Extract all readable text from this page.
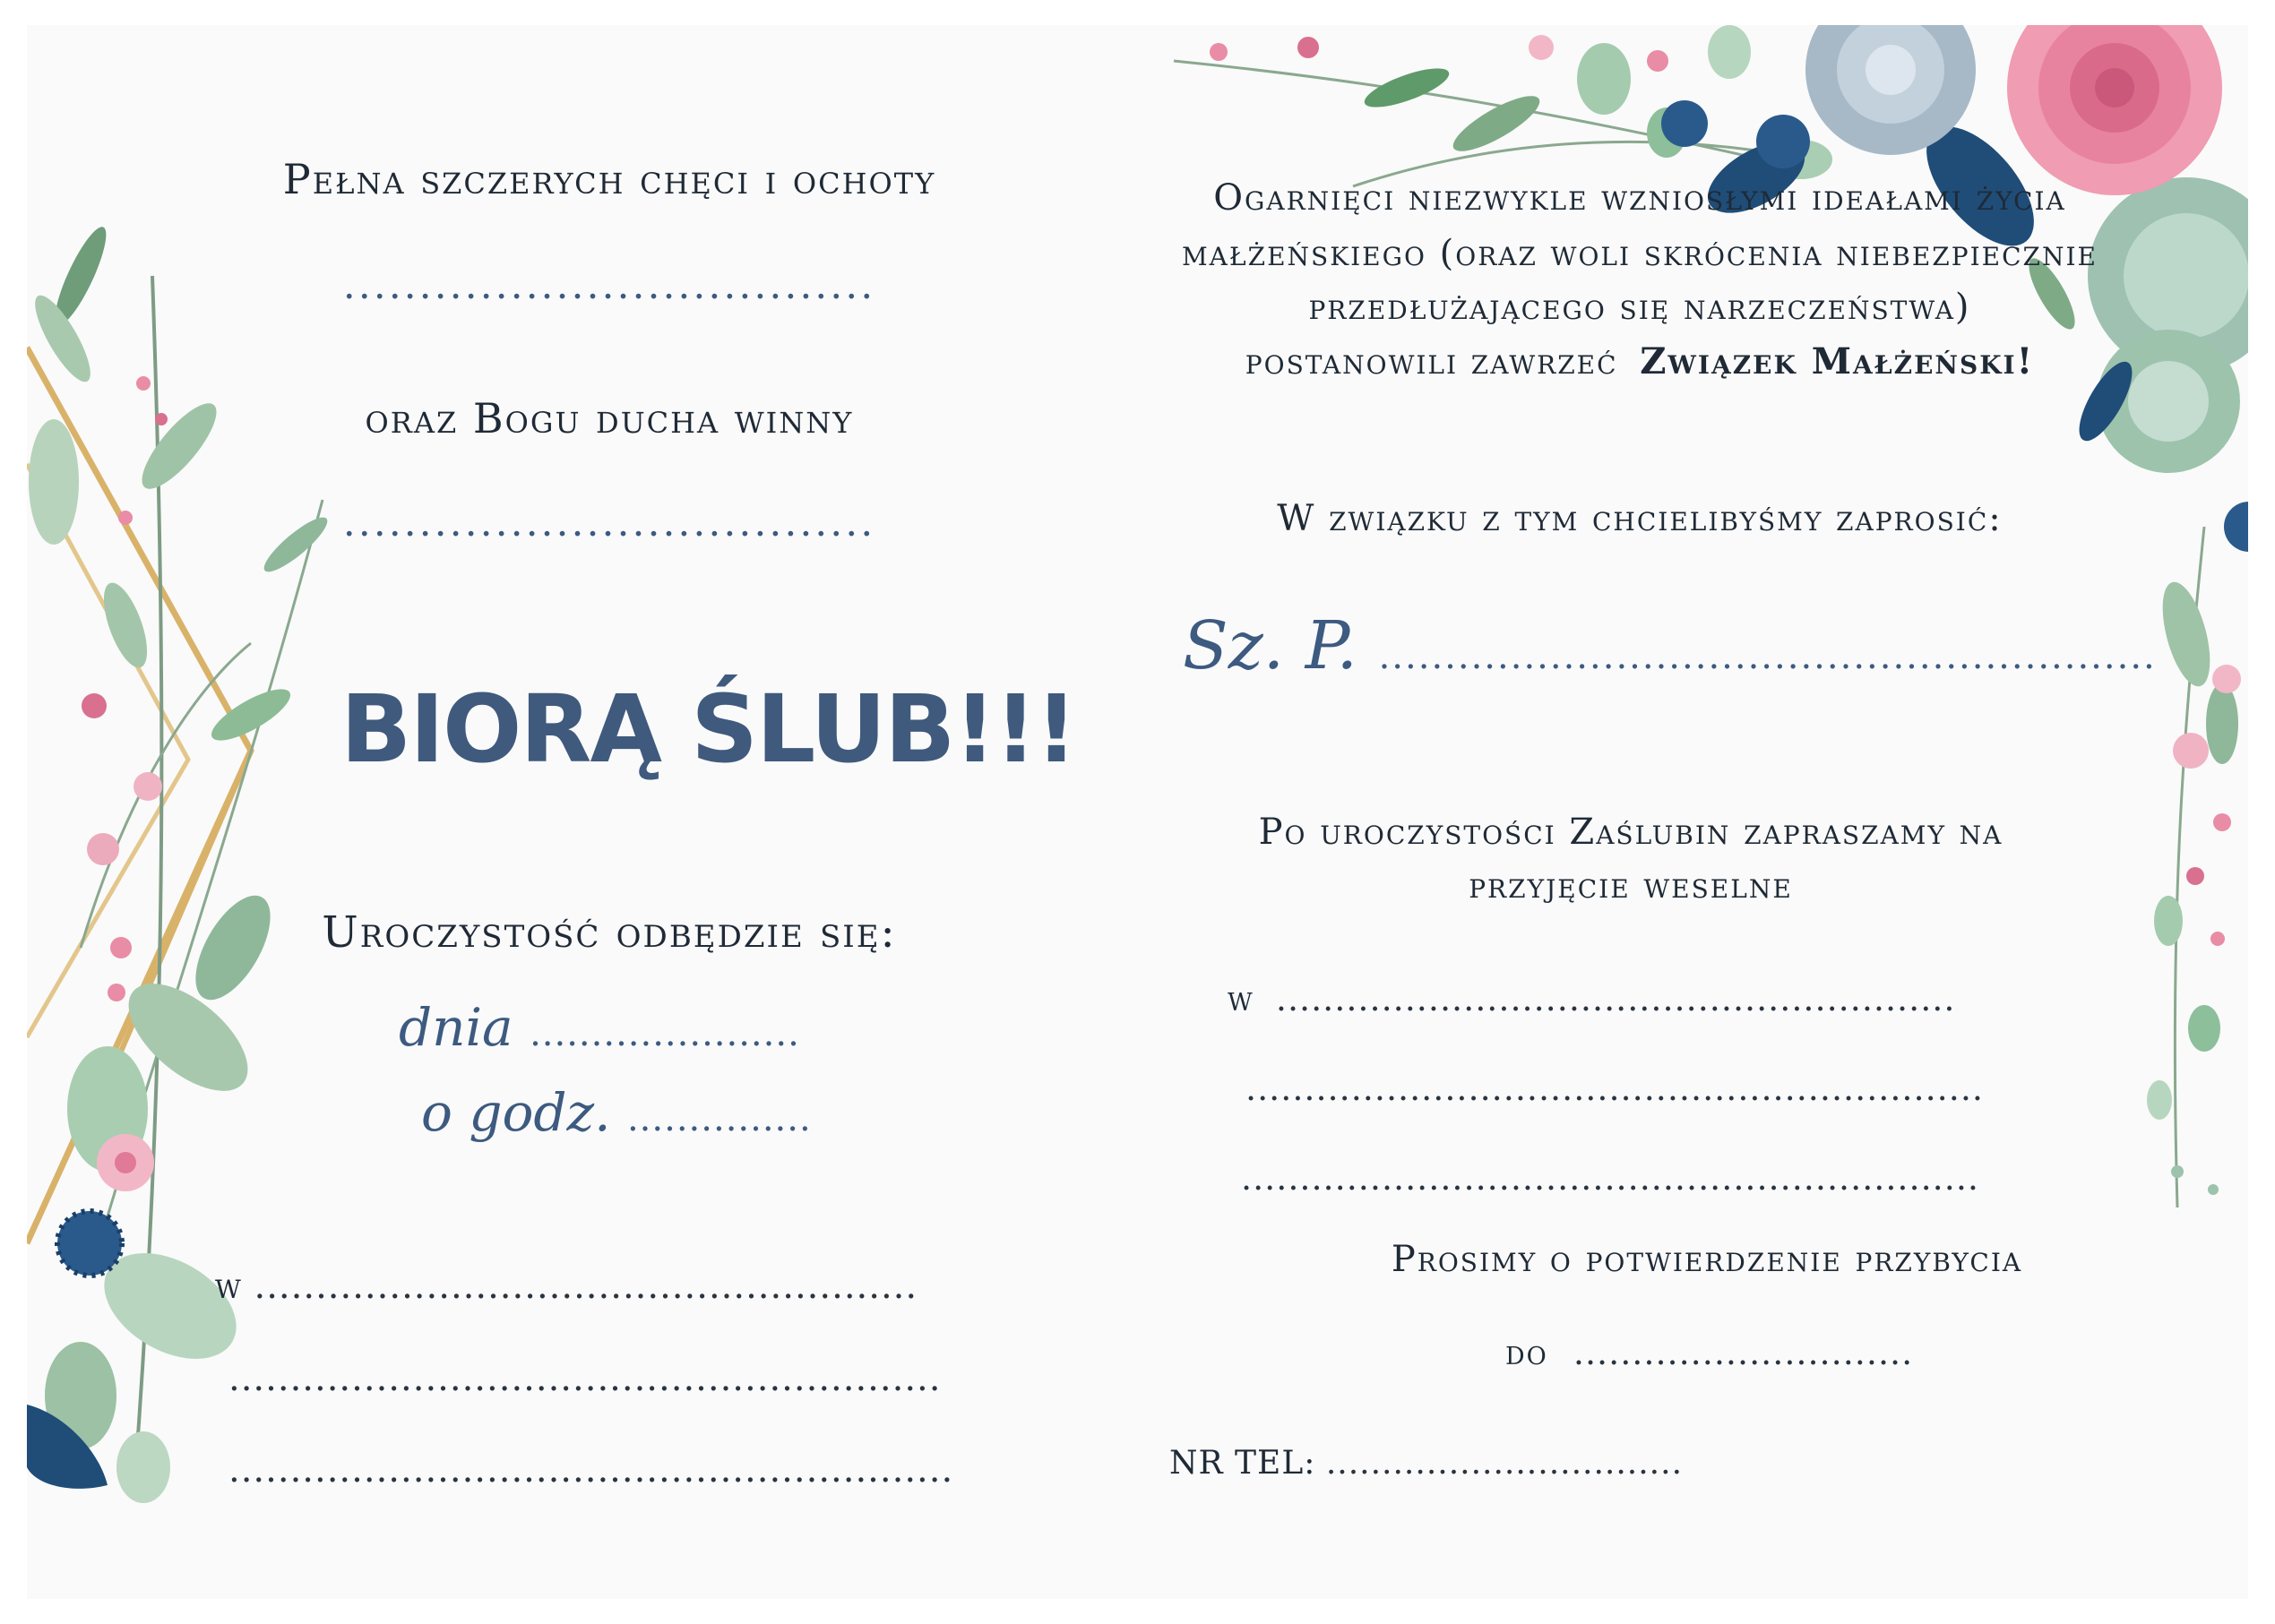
Pełna szczerych chęci i ochoty
...................................
oraz Bogu ducha winny
...................................
BIORĄ ŚLUB!!!
Uroczystość odbędzie się:
dnia ......................
o godz. ...............
w ......................................................
..........................................................
...........................................................
Ogarnięci niezwykle wzniosłymi ideałami życia
małżeńskiego (oraz woli skrócenia niebezpiecznie
przedłużającego się narzeczeństwa)
postanowili zawrzeć Związek Małżeński!
W związku z tym chcielibyśmy zaprosić:
Sz. P. ...........................................................
Po uroczystości Zaślubin zapraszamy na
przyjęcie weselne
w ..........................................................
...............................................................
...............................................................
Prosimy o potwierdzenie przybycia
do .............................
NR TEL: ................................
